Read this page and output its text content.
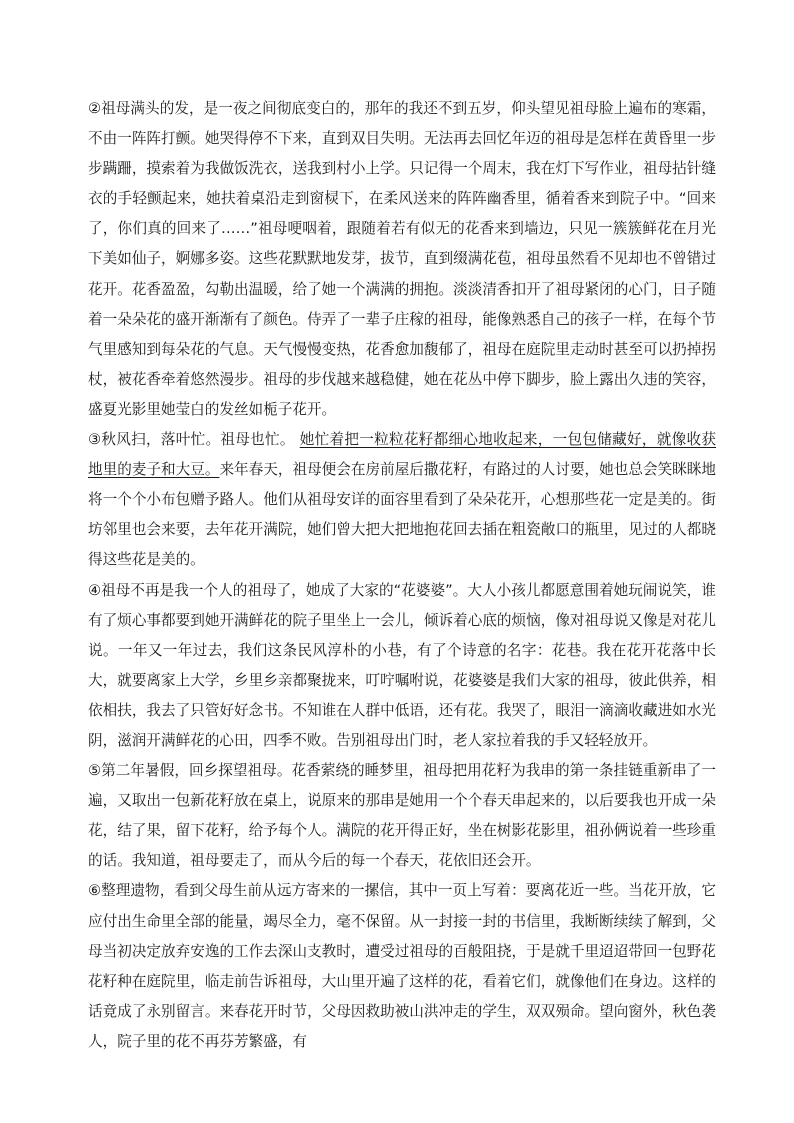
②祖母满头的发，是一夜之间彻底变白的，那年的我还不到五岁，仰头望见祖母脸上遍布的寒霜，不由一阵阵打颤。她哭得停不下来，直到双目失明。无法再去回忆年迈的祖母是怎样在黄昏里一步步蹒跚，摸索着为我做饭洗衣，送我到村小上学。只记得一个周末，我在灯下写作业，祖母拈针缝衣的手轻颤起来，她扶着桌沿走到窗棂下，在柔风送来的阵阵幽香里，循着香来到院子中。“回来了，你们真的回来了……”祖母哽咽着，跟随着若有似无的花香来到墙边，只见一簇簇鲜花在月光下美如仙子，婀娜多姿。这些花默默地发芽，拔节，直到缀满花苞，祖母虽然看不见却也不曾错过花开。花香盈盈，勾勒出温暖，给了她一个满满的拥抱。淡淡清香扣开了祖母紧闭的心门，日子随着一朵朵花的盛开渐渐有了颜色。侍弄了一辈子庄稼的祖母，能像熟悉自己的孩子一样，在每个节气里感知到每朵花的气息。天气慢慢变热，花香愈加馥郁了，祖母在庭院里走动时甚至可以扔掉拐杖，被花香牵着悠然漫步。祖母的步伐越来越稳健，她在花丛中停下脚步，脸上露出久违的笑容，盛夏光影里她莹白的发丝如栀子花开。

③秋风扫，落叶忙。祖母也忙。 她忙着把一粒粒花籽都细心地收起来，一包包储藏好，就像收获地里的麦子和大豆。来年春天，祖母便会在房前屋后撒花籽，有路过的人讨要，她也总会笑眯眯地将一个个小布包赠予路人。他们从祖母安详的面容里看到了朵朵花开，心想那些花一定是美的。街坊邻里也会来要，去年花开满院，她们曾大把大把地抱花回去插在粗瓷敞口的瓶里，见过的人都晓得这些花是美的。

④祖母不再是我一个人的祖母了，她成了大家的“花婆婆”。大人小孩儿都愿意围着她玩闹说笑，谁有了烦心事都要到她开满鲜花的院子里坐上一会儿，倾诉着心底的烦恼，像对祖母说又像是对花儿说。一年又一年过去，我们这条民风淳朴的小巷，有了个诗意的名字：花巷。我在花开花落中长大，就要离家上大学，乡里乡亲都聚拢来，叮咛嘱咐说，花婆婆是我们大家的祖母，彼此供养，相依相扶，我去了只管好好念书。不知谁在人群中低语，还有花。我哭了，眼泪一滴滴收藏进如水光阴，滋润开满鲜花的心田，四季不败。告别祖母出门时，老人家拉着我的手又轻轻放开。

⑤第二年暑假，回乡探望祖母。花香萦绕的睡梦里，祖母把用花籽为我串的第一条挂链重新串了一遍，又取出一包新花籽放在桌上，说原来的那串是她用一个个春天串起来的，以后要我也开成一朵花，结了果，留下花籽，给予每个人。满院的花开得正好，坐在树影花影里，祖孙俩说着一些珍重的话。我知道，祖母要走了，而从今后的每一个春天，花依旧还会开。

⑥整理遗物，看到父母生前从远方寄来的一摞信，其中一页上写着：要离花近一些。当花开放，它应付出生命里全部的能量，竭尽全力，毫不保留。从一封接一封的书信里，我断断续续了解到，父母当初决定放弃安逸的工作去深山支教时，遭受过祖母的百般阻挠，于是就千里迢迢带回一包野花花籽种在庭院里，临走前告诉祖母，大山里开遍了这样的花，看着它们，就像他们在身边。这样的话竟成了永别留言。来春花开时节，父母因救助被山洪冲走的学生，双双殒命。望向窗外，秋色袭人，院子里的花不再芬芳繁盛，有
